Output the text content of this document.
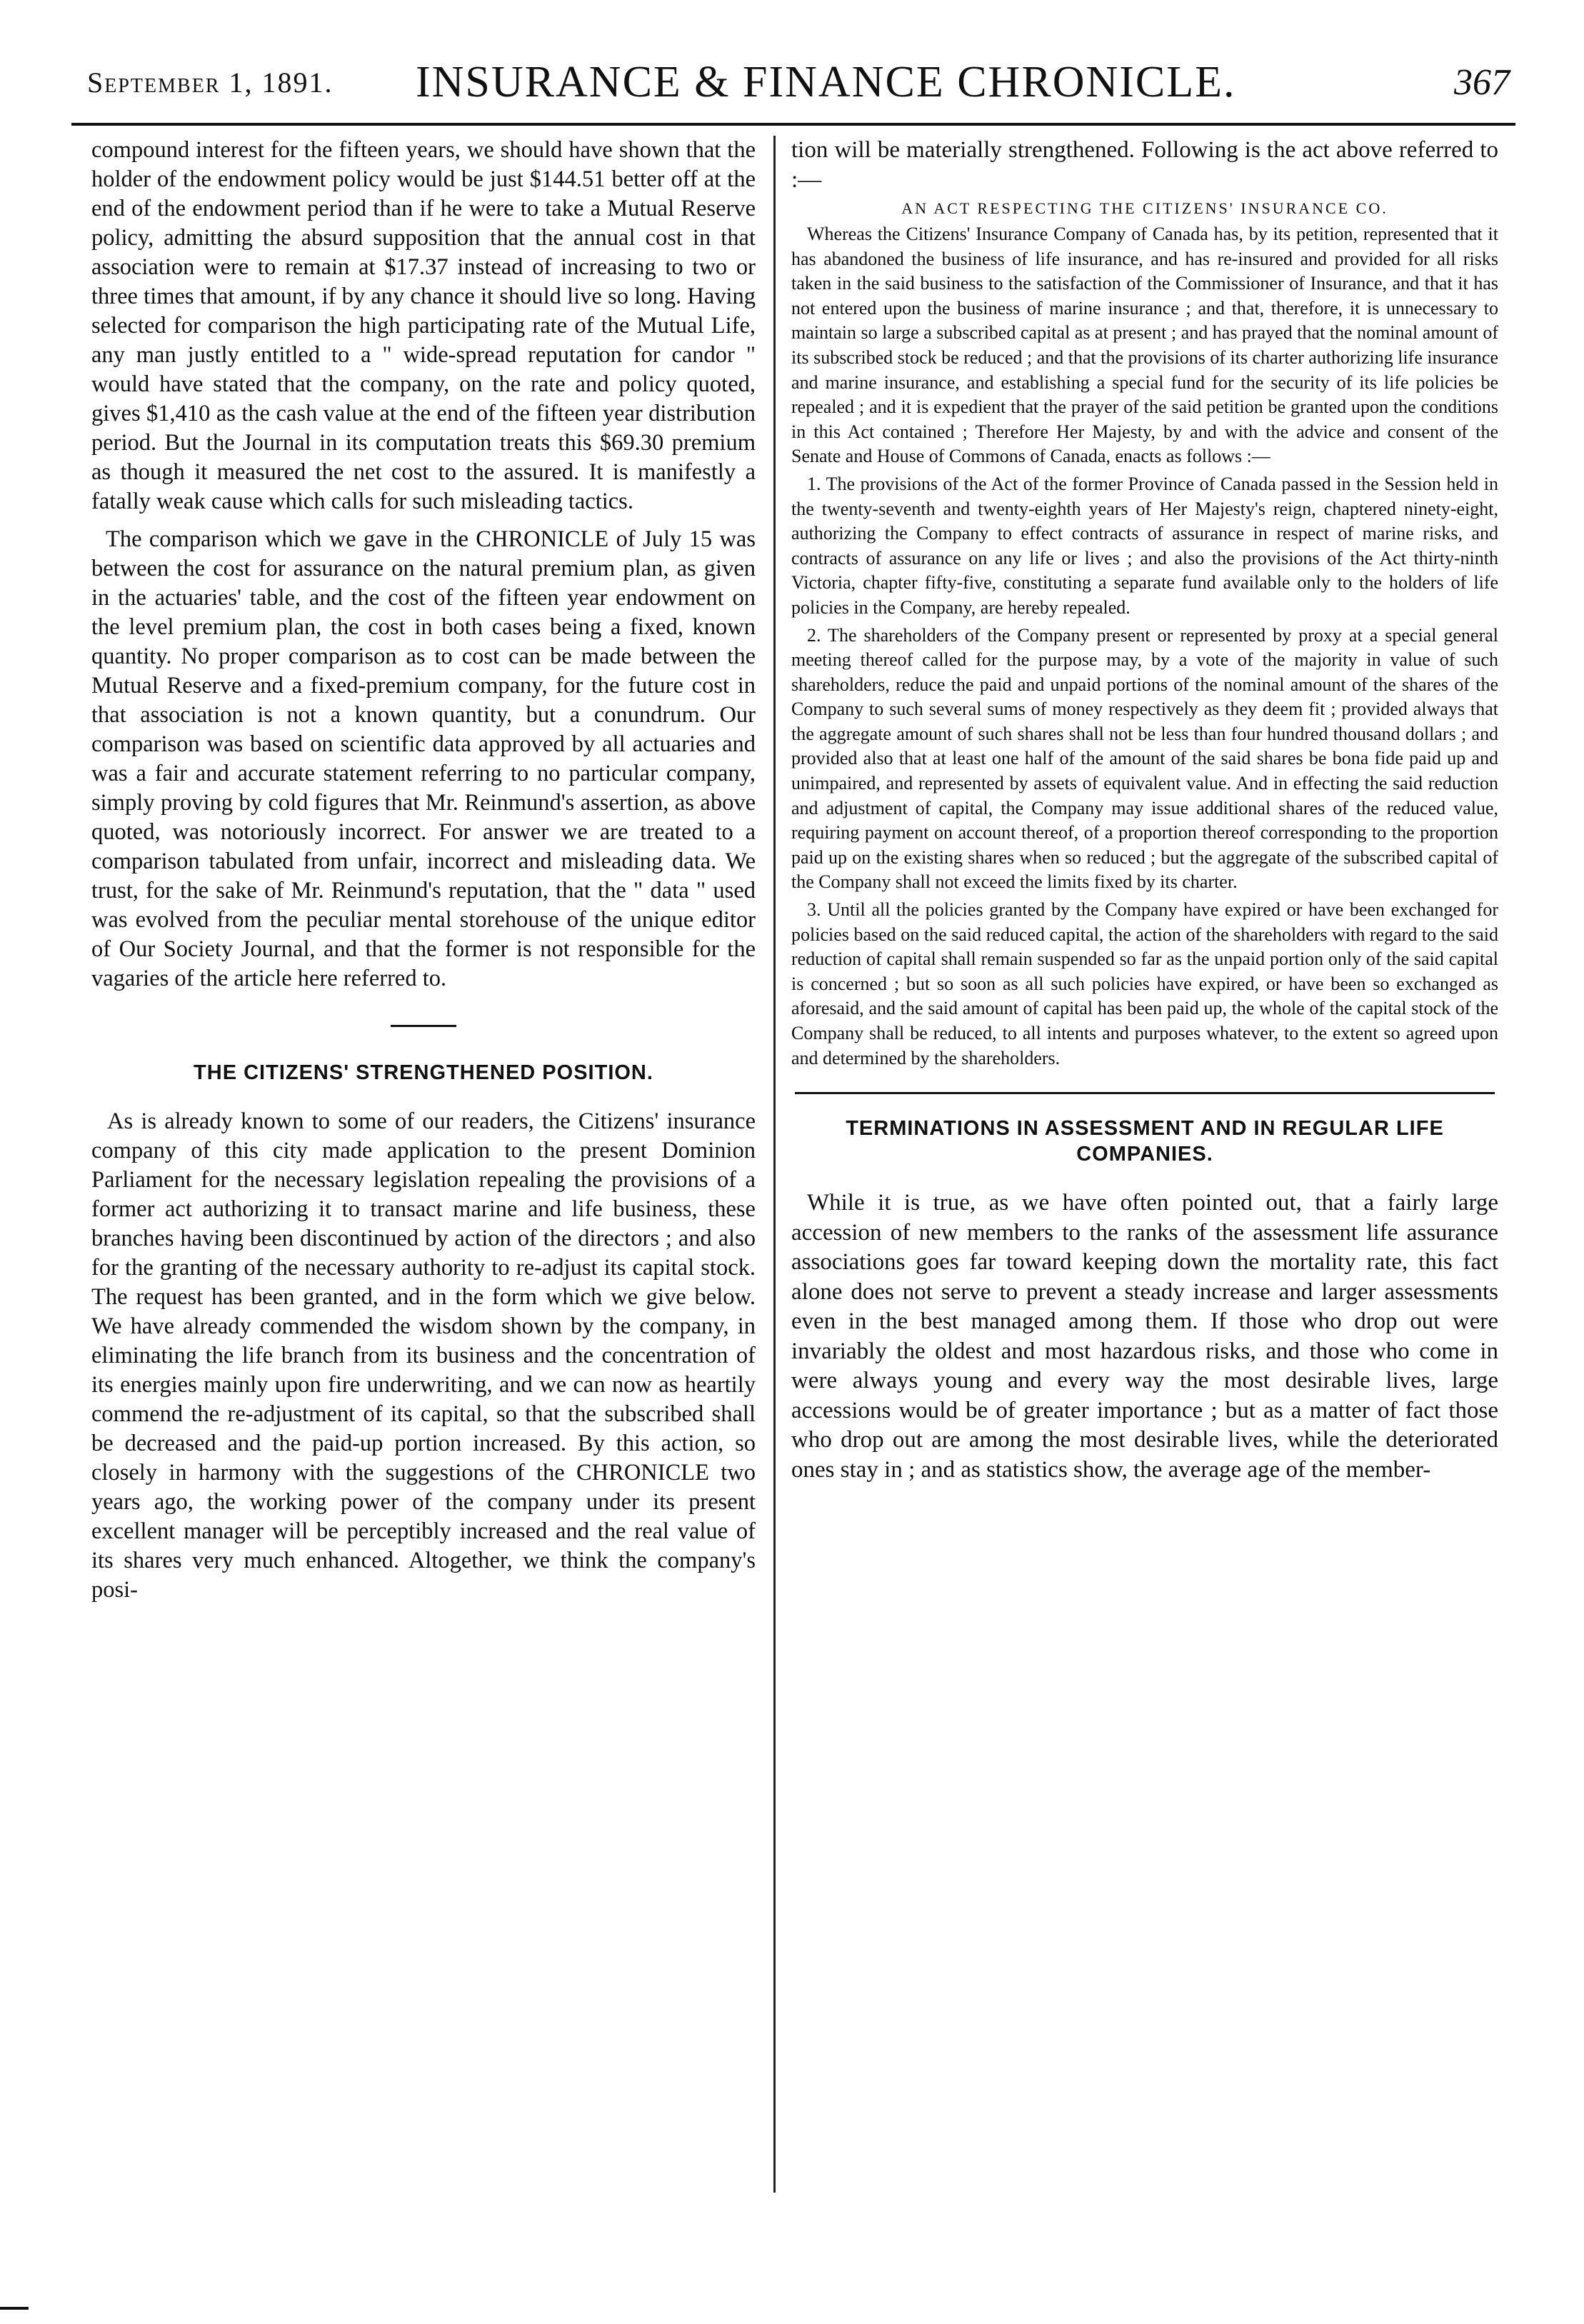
September 1, 1891. INSURANCE & FINANCE CHRONICLE.	367

compound interest for the fifteen years, we should have shown that the holder of the endowment policy would be just $144.51 better off at the end of the endowment period than if he were to take a Mutual Reserve policy, admitting the absurd supposition that the annual cost in that association were to remain at $17.37 instead of increasing to two or three times that amount, if by any chance it should live so long. Having selected for comparison the high participating rate of the Mutual Life, any man justly entitled to a " wide-spread reputation for candor " would have stated that the company, on the rate and policy quoted, gives $1,410 as the cash value at the end of the fifteen year distribution period. But the Journal in its computation treats this $69.30 premium as though it measured the net cost to the assured. It is manifestly a fatally weak cause which calls for such misleading tactics.

The comparison which we gave in the CHRONICLE of July 15 was between the cost for assurance on the natural premium plan, as given in the actuaries' table, and the cost of the fifteen year endowment on the level premium plan, the cost in both cases being a fixed, known quantity. No proper comparison as to cost can be made between the Mutual Reserve and a fixed-premium company, for the future cost in that association is not a known quantity, but a conundrum. Our comparison was based on scientific data approved by all actuaries and was a fair and accurate statement referring to no particular company, simply proving by cold figures that Mr. Reinmund's assertion, as above quoted, was notoriously incorrect. For answer we are treated to a comparison tabulated from unfair, incorrect and misleading data. We trust, for the sake of Mr. Reinmund's reputation, that the " data " used was evolved from the peculiar mental storehouse of the unique editor of Our Society Journal, and that the former is not responsible for the vagaries of the article here referred to.

THE CITIZENS' STRENGTHENED POSITION.

As is already known to some of our readers, the Citizens' insurance company of this city made application to the present Dominion Parliament for the necessary legislation repealing the provisions of a former act authorizing it to transact marine and life business, these branches having been discontinued by action of the directors ; and also for the granting of the necessary authority to re-adjust its capital stock. The request has been granted, and in the form which we give below. We have already commended the wisdom shown by the company, in eliminating the life branch from its business and the concentration of its energies mainly upon fire underwriting, and we can now as heartily commend the re-adjustment of its capital, so that the subscribed shall be decreased and the paid-up portion increased. By this action, so closely in harmony with the suggestions of the CHRONICLE two years ago, the working power of the company under its present excellent manager will be perceptibly increased and the real value of its shares very much enhanced. Altogether, we think the company's posi-

tion will be materially strengthened. Following is the act above referred to :—

AN ACT RESPECTING THE CITIZENS' INSURANCE CO.

Whereas the Citizens' Insurance Company of Canada has, by its petition, represented that it has abandoned the business of life insurance, and has re-insured and provided for all risks taken in the said business to the satisfaction of the Commissioner of Insurance, and that it has not entered upon the business of marine insurance ; and that, therefore, it is unnecessary to maintain so large a subscribed capital as at present ; and has prayed that the nominal amount of its subscribed stock be reduced ; and that the provisions of its charter authorizing life insurance and marine insurance, and establishing a special fund for the security of its life policies be repealed ; and it is expedient that the prayer of the said petition be granted upon the conditions in this Act contained ; Therefore Her Majesty, by and with the advice and consent of the Senate and House of Commons of Canada, enacts as follows :—

1. The provisions of the Act of the former Province of Canada passed in the Session held in the twenty-seventh and twenty-eighth years of Her Majesty's reign, chaptered ninety-eight, authorizing the Company to effect contracts of assurance in respect of marine risks, and contracts of assurance on any life or lives ; and also the provisions of the Act thirty-ninth Victoria, chapter fifty-five, constituting a separate fund available only to the holders of life policies in the Company, are hereby repealed.

2. The shareholders of the Company present or represented by proxy at a special general meeting thereof called for the purpose may, by a vote of the majority in value of such shareholders, reduce the paid and unpaid portions of the nominal amount of the shares of the Company to such several sums of money respectively as they deem fit ; provided always that the aggregate amount of such shares shall not be less than four hundred thousand dollars ; and provided also that at least one half of the amount of the said shares be bona fide paid up and unimpaired, and represented by assets of equivalent value. And in effecting the said reduction and adjustment of capital, the Company may issue additional shares of the reduced value, requiring payment on account thereof, of a proportion thereof corresponding to the proportion paid up on the existing shares when so reduced ; but the aggregate of the subscribed capital of the Company shall not exceed the limits fixed by its charter.

3. Until all the policies granted by the Company have expired or have been exchanged for policies based on the said reduced capital, the action of the shareholders with regard to the said reduction of capital shall remain suspended so far as the unpaid portion only of the said capital is concerned ; but so soon as all such policies have expired, or have been so exchanged as aforesaid, and the said amount of capital has been paid up, the whole of the capital stock of the Company shall be reduced, to all intents and purposes whatever, to the extent so agreed upon and determined by the shareholders.

TERMINATIONS IN ASSESSMENT AND IN REGULAR LIFE COMPANIES.

While it is true, as we have often pointed out, that a fairly large accession of new members to the ranks of the assessment life assurance associations goes far toward keeping down the mortality rate, this fact alone does not serve to prevent a steady increase and larger assessments even in the best managed among them. If those who drop out were invariably the oldest and most hazardous risks, and those who come in were always young and every way the most desirable lives, large accessions would be of greater importance ; but as a matter of fact those who drop out are among the most desirable lives, while the deteriorated ones stay in ; and as statistics show, the average age of the member-
